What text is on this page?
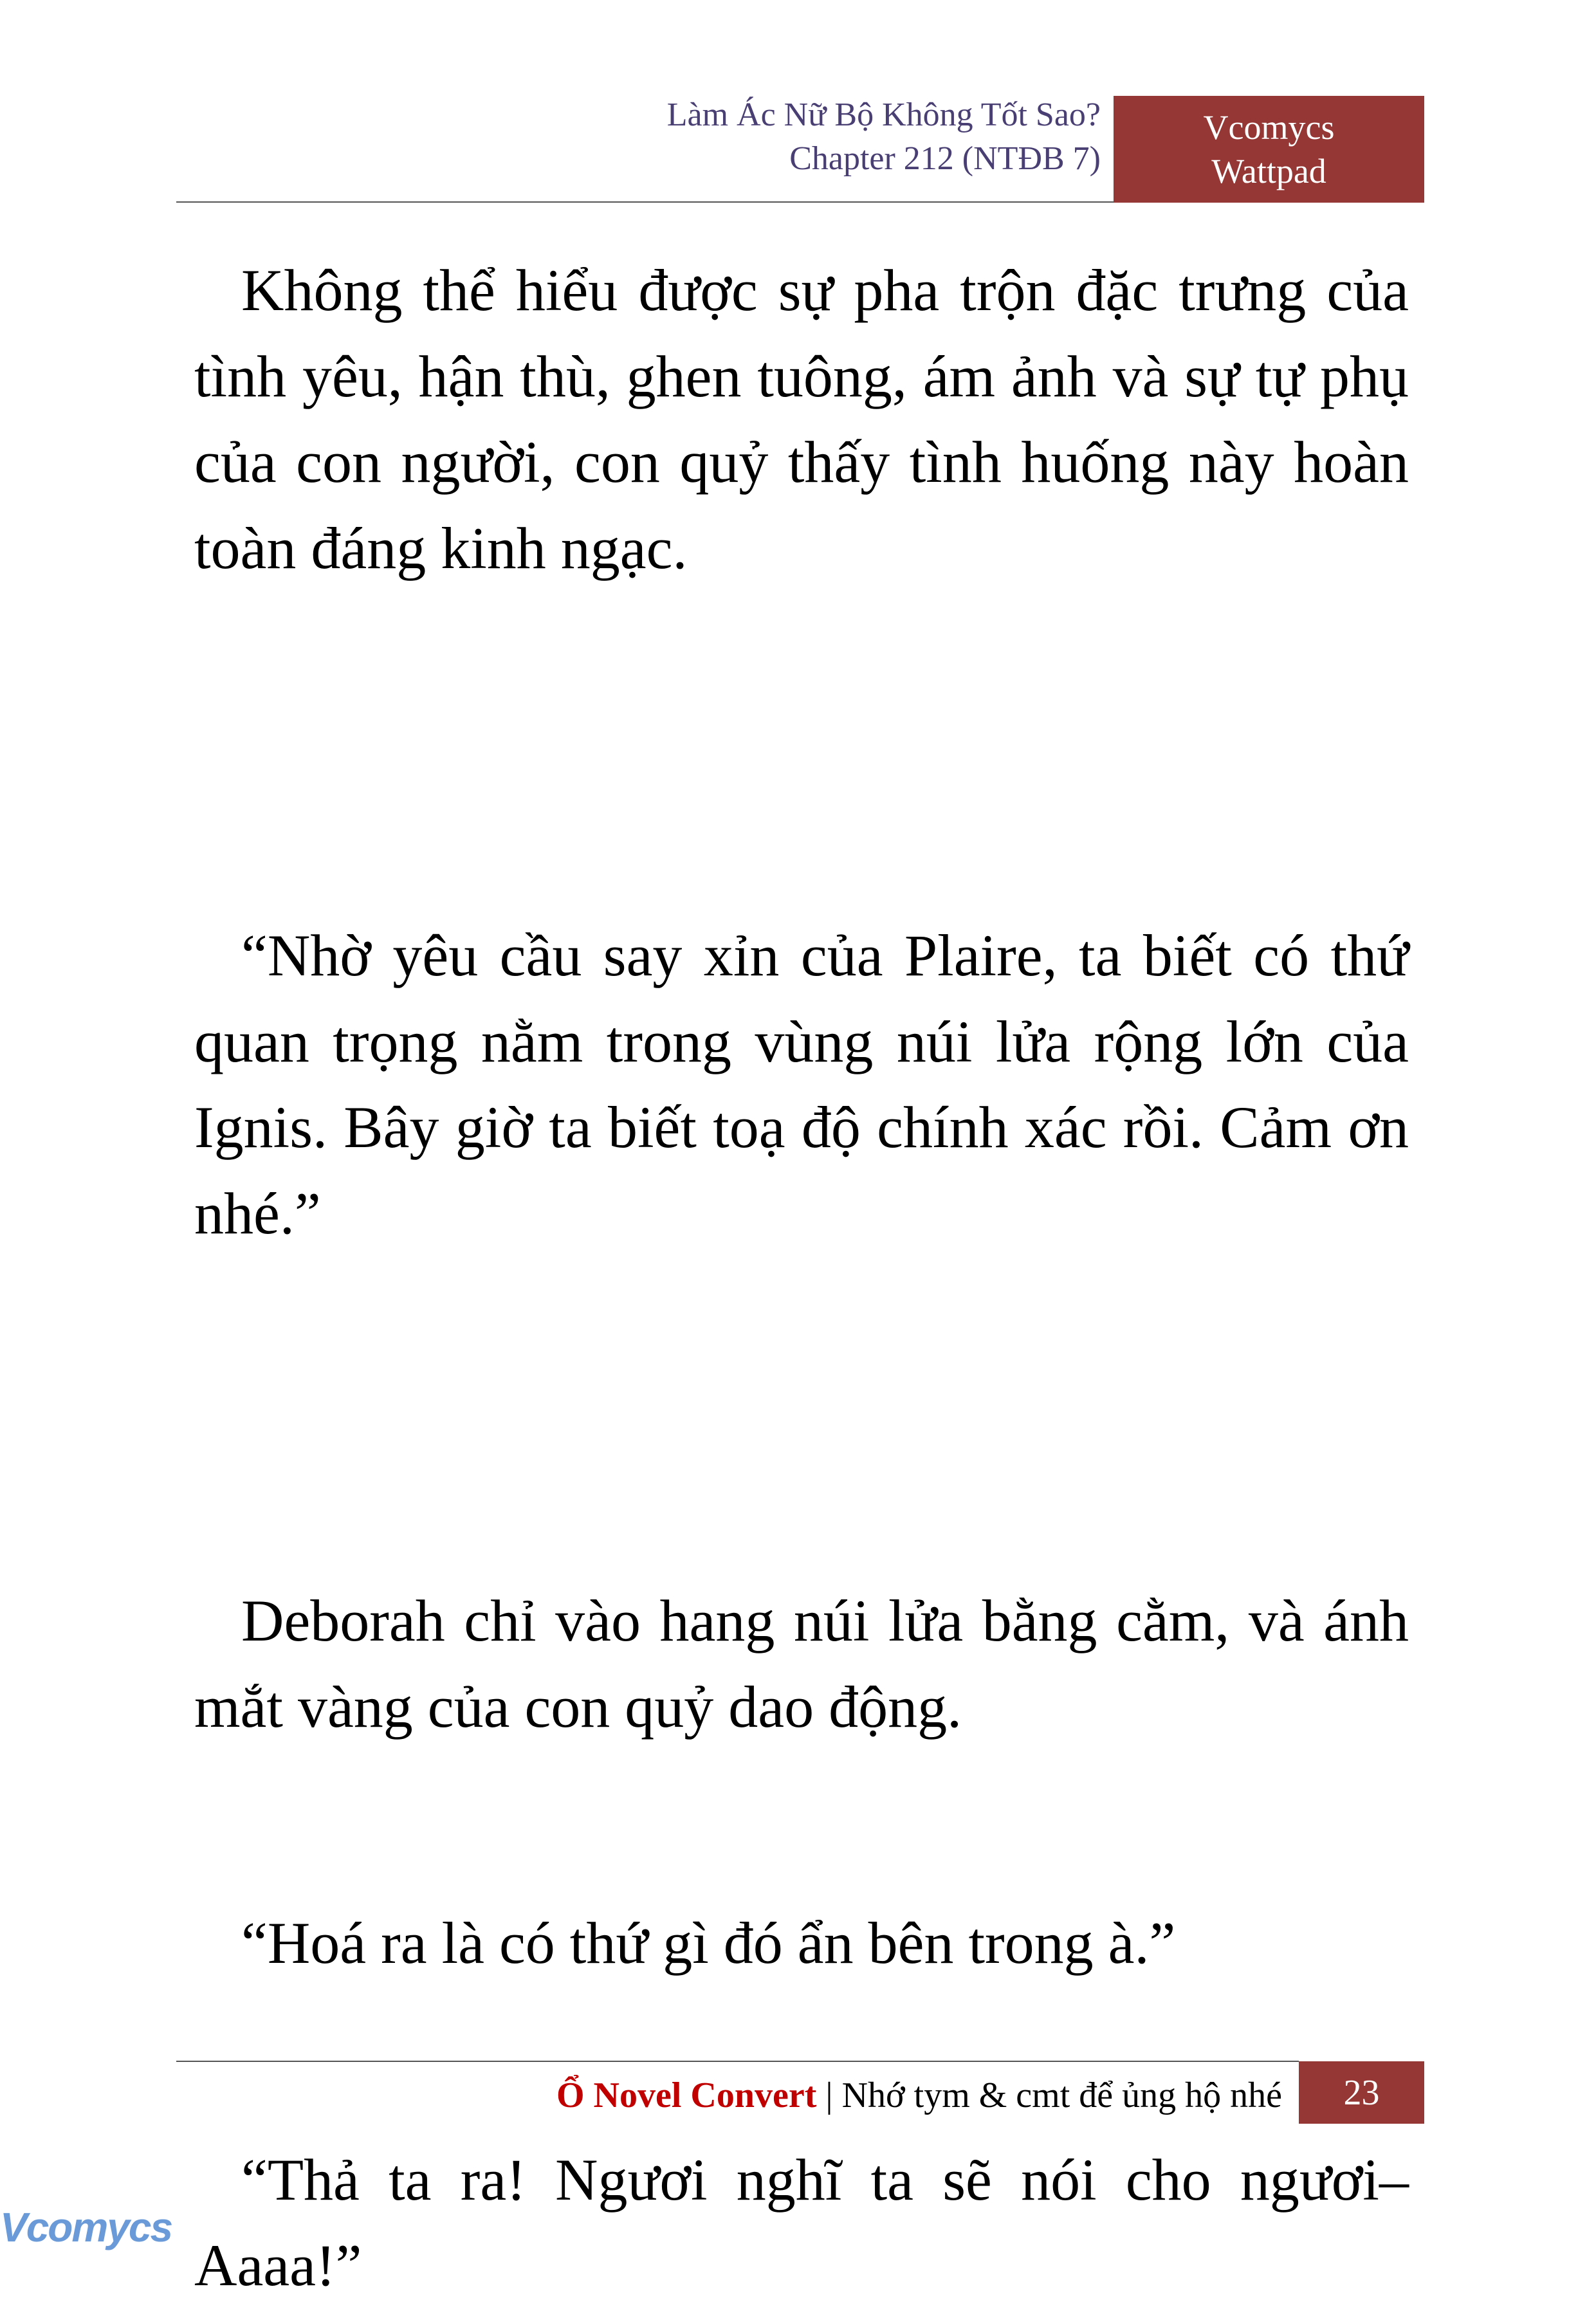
Làm Ác Nữ Bộ Không Tốt Sao?
Chapter 212 (NTĐB 7)
Vcomycs
Wattpad

Không thể hiểu được sự pha trộn đặc trưng của tình yêu, hận thù, ghen tuông, ám ảnh và sự tự phụ của con người, con quỷ thấy tình huống này hoàn toàn đáng kinh ngạc.

“Nhờ yêu cầu say xỉn của Plaire, ta biết có thứ quan trọng nằm trong vùng núi lửa rộng lớn của Ignis. Bây giờ ta biết toạ độ chính xác rồi. Cảm ơn nhé.”

Deborah chỉ vào hang núi lửa bằng cằm, và ánh mắt vàng của con quỷ dao động.

“Hoá ra là có thứ gì đó ẩn bên trong à.”

“Thả ta ra! Ngươi nghĩ ta sẽ nói cho ngươi– Aaaa!”

Ổ Novel Convert | Nhớ tym & cmt để ủng hộ nhé	23
Vcomycs
